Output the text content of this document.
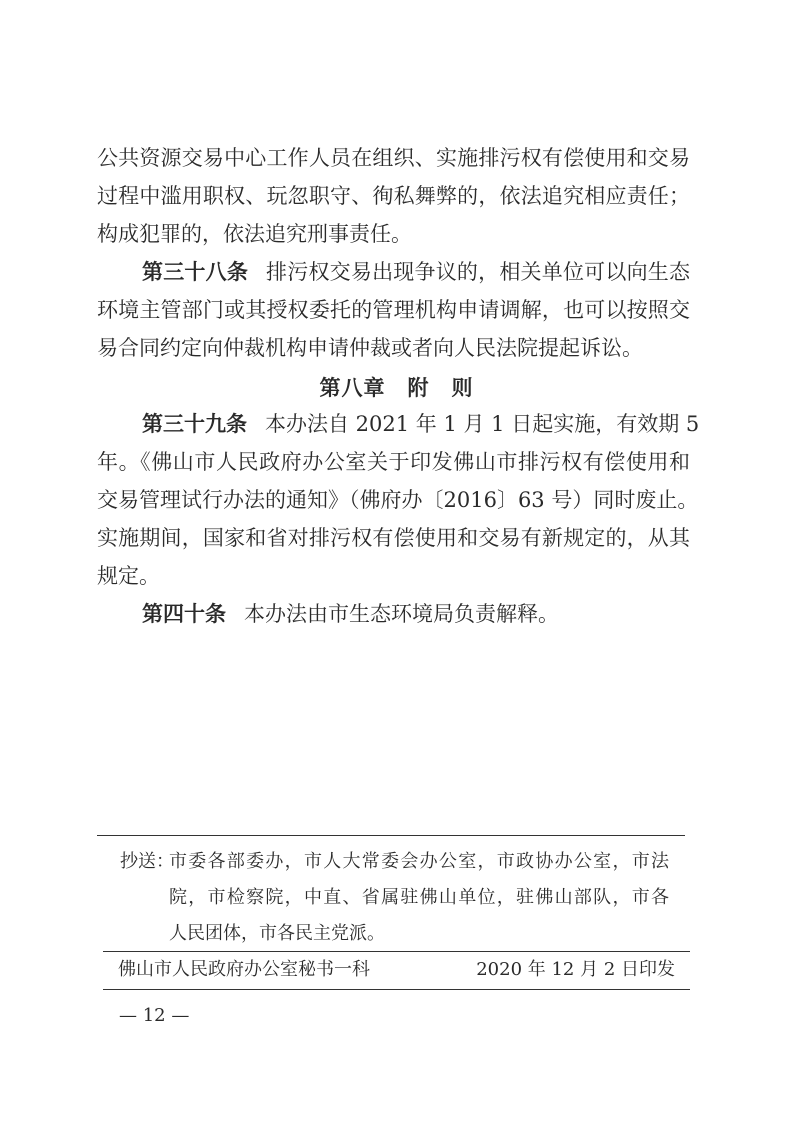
公共资源交易中心工作人员在组织、实施排污权有偿使用和交易
过程中滥用职权、玩忽职守、徇私舞弊的，依法追究相应责任；
构成犯罪的，依法追究刑事责任。
第三十八条 排污权交易出现争议的，相关单位可以向生态
环境主管部门或其授权委托的管理机构申请调解，也可以按照交
易合同约定向仲裁机构申请仲裁或者向人民法院提起诉讼。
第八章　附　则
第三十九条 本办法自 2021 年 1 月 1 日起实施，有效期 5
年。《佛山市人民政府办公室关于印发佛山市排污权有偿使用和
交易管理试行办法的通知》（佛府办〔2016〕63 号）同时废止。
实施期间，国家和省对排污权有偿使用和交易有新规定的，从其
规定。
第四十条 本办法由市生态环境局负责解释。
抄送：
市委各部委办，市人大常委会办公室，市政协办公室，市法
院，市检察院，中直、省属驻佛山单位，驻佛山部队，市各
人民团体，市各民主党派。
佛山市人民政府办公室秘书一科	2020 年 12 月 2 日印发
— 12 —
